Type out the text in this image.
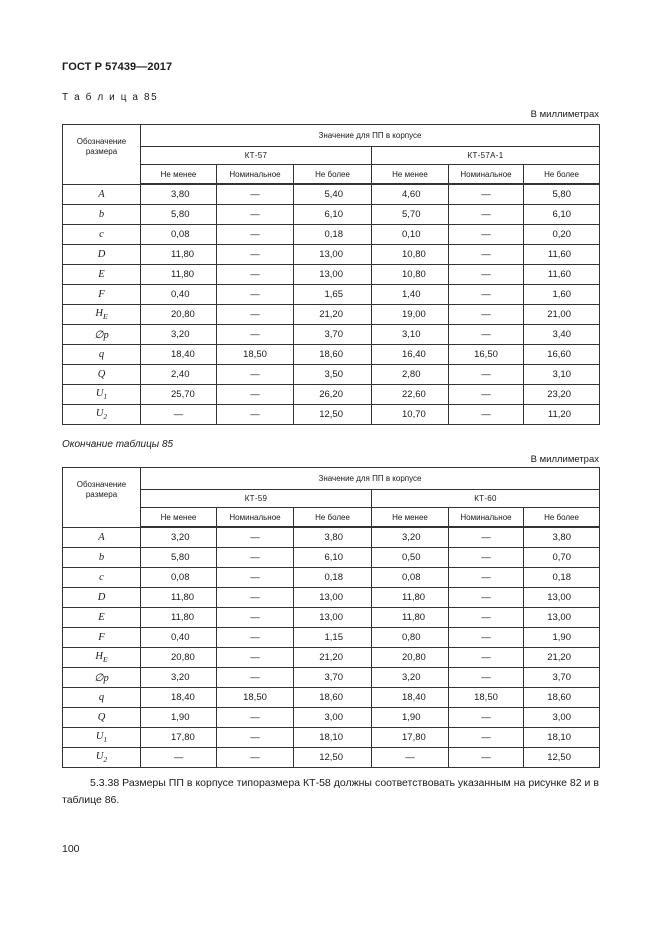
ГОСТ Р 57439—2017
Т а б л и ц а 85
В миллиметрах
Обозначение размера	Значение для ПП в корпусе					
	КТ-57			КТ-57А-1		
	Не менее	Номинальное	Не более	Не менее	Номинальное	Не более
A	3,80	—	5,40	4,60	—	5,80
b	5,80	—	6,10	5,70	—	6,10
c	0,08	—	0,18	0,10	—	0,20
D	11,80	—	13,00	10,80	—	11,60
E	11,80	—	13,00	10,80	—	11,60
F	0,40	—	1,65	1,40	—	1,60
$H_E$	20,80	—	21,20	19,00	—	21,00
∅p	3,20	—	3,70	3,10	—	3,40
q	18,40	18,50	18,60	16,40	16,50	16,60
Q	2,40	—	3,50	2,80	—	3,10
$U_1$	25,70	—	26,20	22,60	—	23,20
$U_2$	—	—	12,50	10,70	—	11,20
Окончание таблицы 85
В миллиметрах
Обозначение размера	Значение для ПП в корпусе					
	КТ-59			КТ-60		
	Не менее	Номинальное	Не более	Не менее	Номинальное	Не более
A	3,20	—	3,80	3,20	—	3,80
b	5,80	—	6,10	0,50	—	0,70
c	0,08	—	0,18	0,08	—	0,18
D	11,80	—	13,00	11,80	—	13,00
E	11,80	—	13,00	11,80	—	13,00
F	0,40	—	1,15	0,80	—	1,90
$H_E$	20,80	—	21,20	20,80	—	21,20
∅p	3,20	—	3,70	3,20	—	3,70
q	18,40	18,50	18,60	18,40	18,50	18,60
Q	1,90	—	3,00	1,90	—	3,00
$U_1$	17,80	—	18,10	17,80	—	18,10
$U_2$	—	—	12,50	—	—	12,50
5.3.38 Размеры ПП в корпусе типоразмера КТ-58 должны соответствовать указанным на рисунке 82 и в таблице 86.
100
